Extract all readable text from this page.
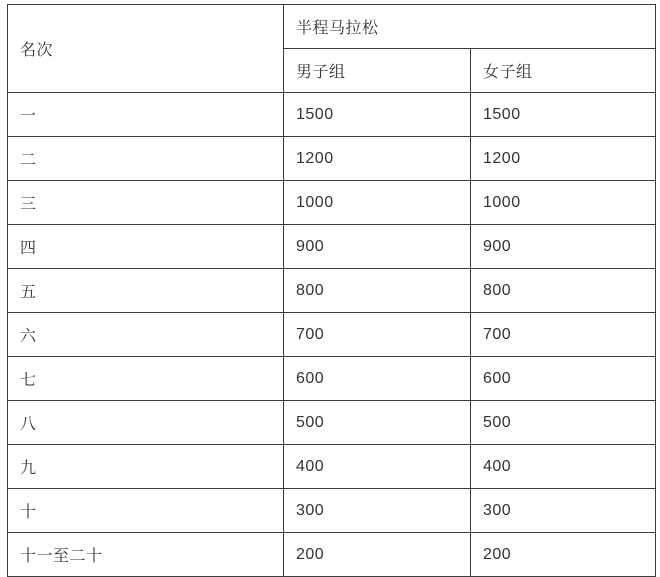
名次	半程马拉松	
	男子组	女子组
一	1500	1500
二	1200	1200
三	1000	1000
四	900	900
五	800	800
六	700	700
七	600	600
八	500	500
九	400	400
十	300	300
十一至二十	200	200
